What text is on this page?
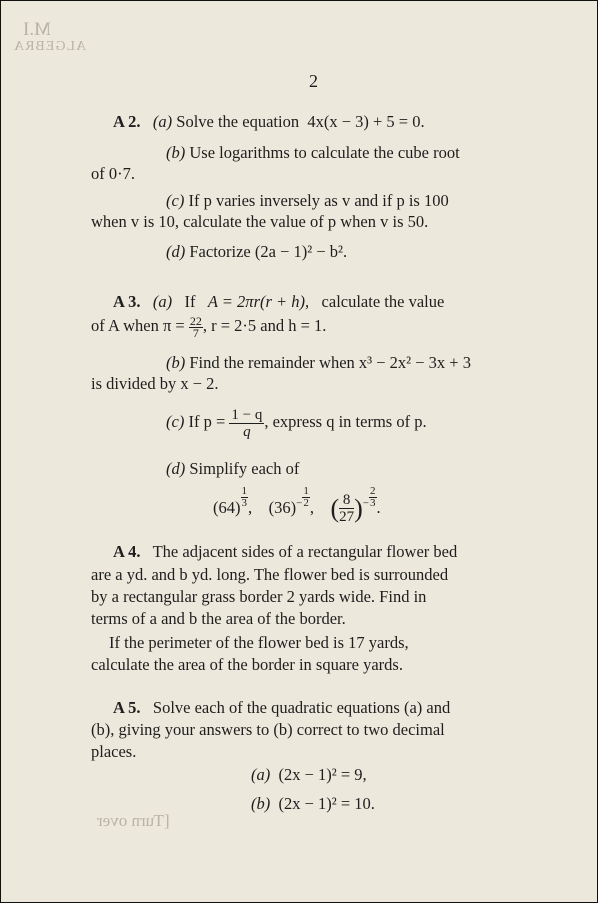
M.I
ALGEBRA
[Turn over
2
A 2. (a) Solve the equation 4x(x − 3) + 5 = 0.
(b) Use logarithms to calculate the cube root
of 0·7.
(c) If p varies inversely as v and if p is 100
when v is 10, calculate the value of p when v is 50.
(d) Factorize (2a − 1)² − b².
A 3. (a) If A = 2πr(r + h), calculate the value
of A when $\pi = \frac{22}{7}$ , r = 2·5 and h = 1.
(b) Find the remainder when x³ − 2x² − 3x + 3
is divided by x − 2.
(c) If $p = \frac{1 - q}{q}$ , express q in terms of p.
(d) Simplify each of
$(64) \frac{1}{3}$ , $(36)^- \frac{1}{2}$ , ( $\frac{8}{27} )^- \frac{2}{3}$ .
A 4. The adjacent sides of a rectangular flower bed
are a yd. and b yd. long. The flower bed is surrounded
by a rectangular grass border 2 yards wide. Find in
terms of a and b the area of the border.
If the perimeter of the flower bed is 17 yards,
calculate the area of the border in square yards.
A 5. Solve each of the quadratic equations (a) and
(b), giving your answers to (b) correct to two decimal
places.
(a) (2x − 1)² = 9,
(b) (2x − 1)² = 10.
